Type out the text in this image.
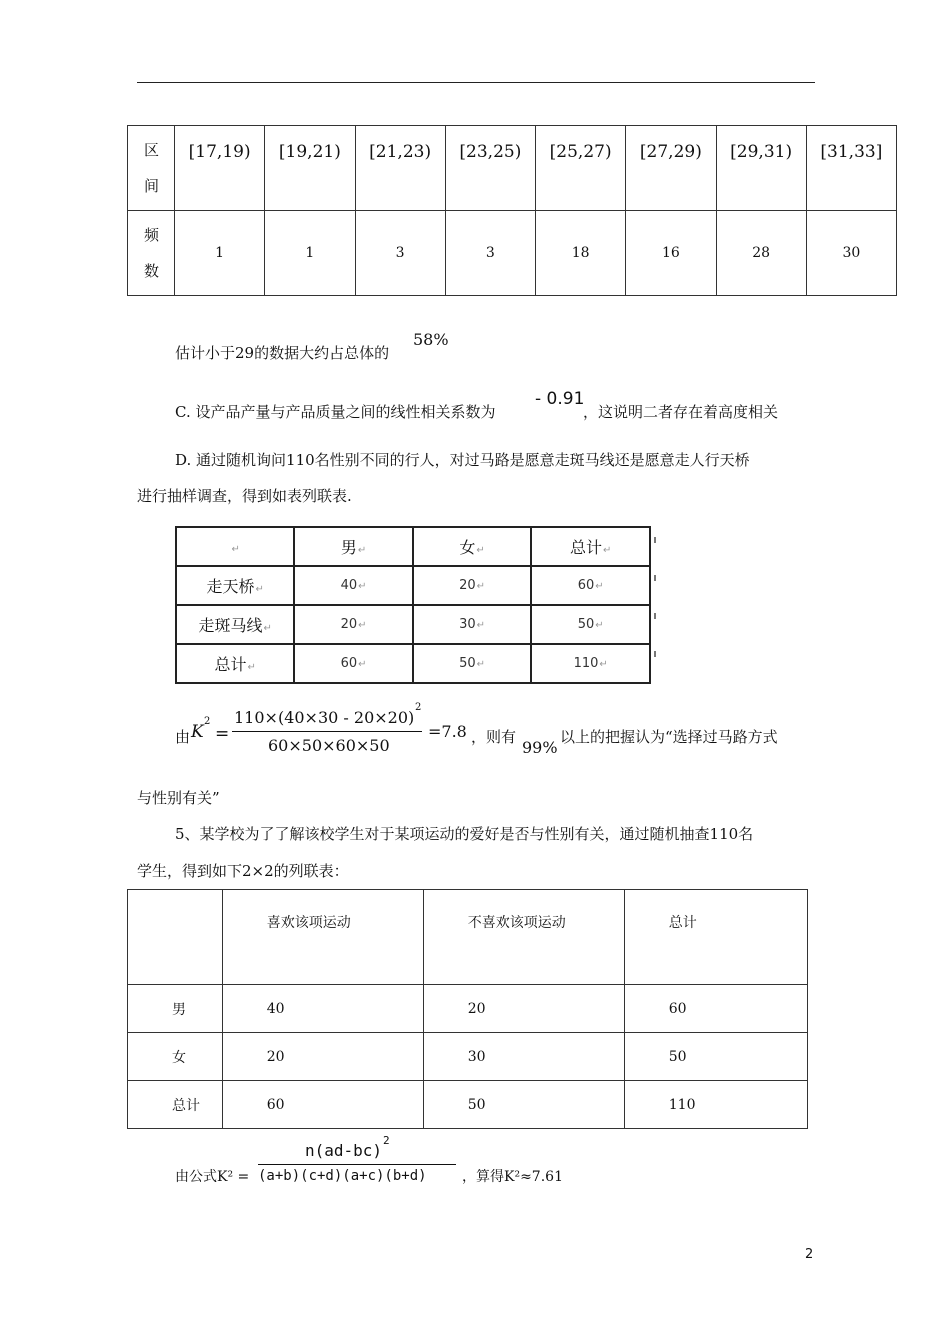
区间	[17,19)	[19,21)	[21,23)	[23,25)	[25,27)	[27,29)	[29,31)	[31,33]
频数	1	1	3	3	18	16	28	30
估计小于29的数据大约占总体的
58%
C. 设产品产量与产品质量之间的线性相关系数为
- 0.91
，这说明二者存在着高度相关
D. 通过随机询问110名性别不同的行人，对过马路是愿意走斑马线还是愿意走人行天桥
进行抽样调查，得到如表列联表.
↵	男↵	女↵	总计↵
走天桥↵	40↵	20↵	60↵
走斑马线↵	20↵	30↵	50↵
总计↵	60↵	50↵	110↵
由 K
2
=
110×(40×30 - 20×20)
2
60×50×60×50
=7.8 ，则有
99%
以上的把握认为“选择过马路方式
与性别有关”
5、某学校为了了解该校学生对于某项运动的爱好是否与性别有关，通过随机抽查110名
学生，得到如下2×2的列联表：
	喜欢该项运动	不喜欢该项运动	总计
男	40	20	60
女	20	30	50
总计	60	50	110
由公式K² =
n(ad-bc)
2
(a+b)(c+d)(a+c)(b+d)	，算得K²≈7.61
2
